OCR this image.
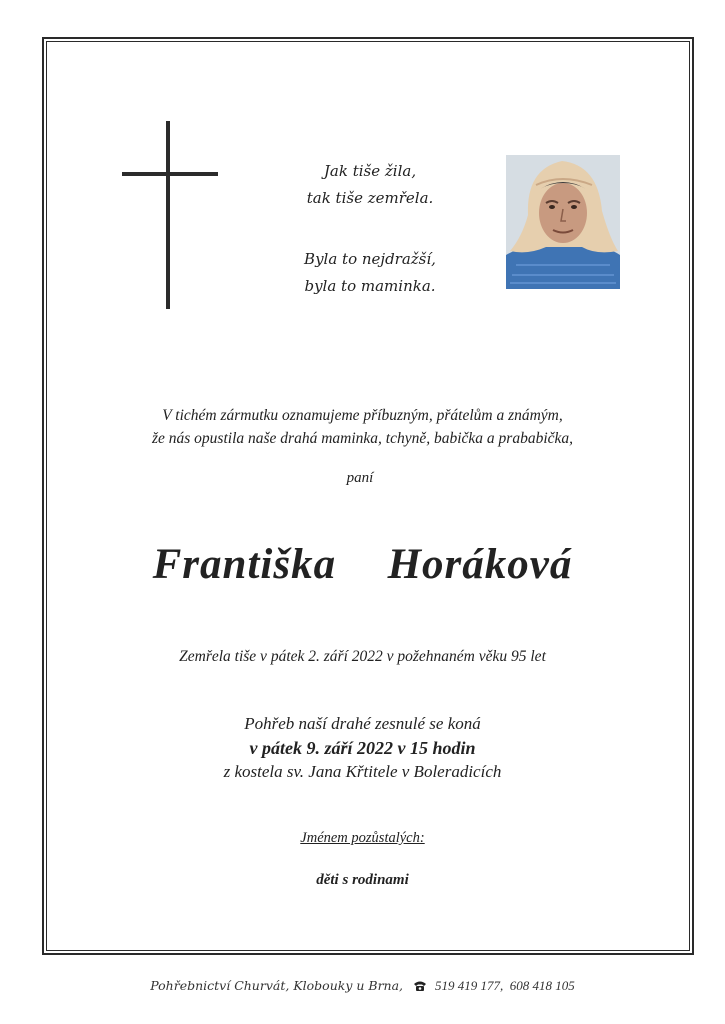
Jak tiše žila,
tak tiše zemřela.
Byla to nejdražší,
byla to maminka.
V tichém zármutku oznamujeme příbuzným, přátelům a známým,
že nás opustila naše drahá maminka, tchyně, babička a prababička,
paní
Františka  Horáková
Zemřela tiše v pátek 2. září 2022 v požehnaném věku 95 let
Pohřeb naší drahé zesnulé se koná
v pátek 9. září 2022 v 15 hodin
z kostela sv. Jana Křtitele v Boleradicích
Jménem pozůstalých:
děti s rodinami
Pohřebnictví Churvát, Klobouky u Brna, 519 419 177,  608 418 105
